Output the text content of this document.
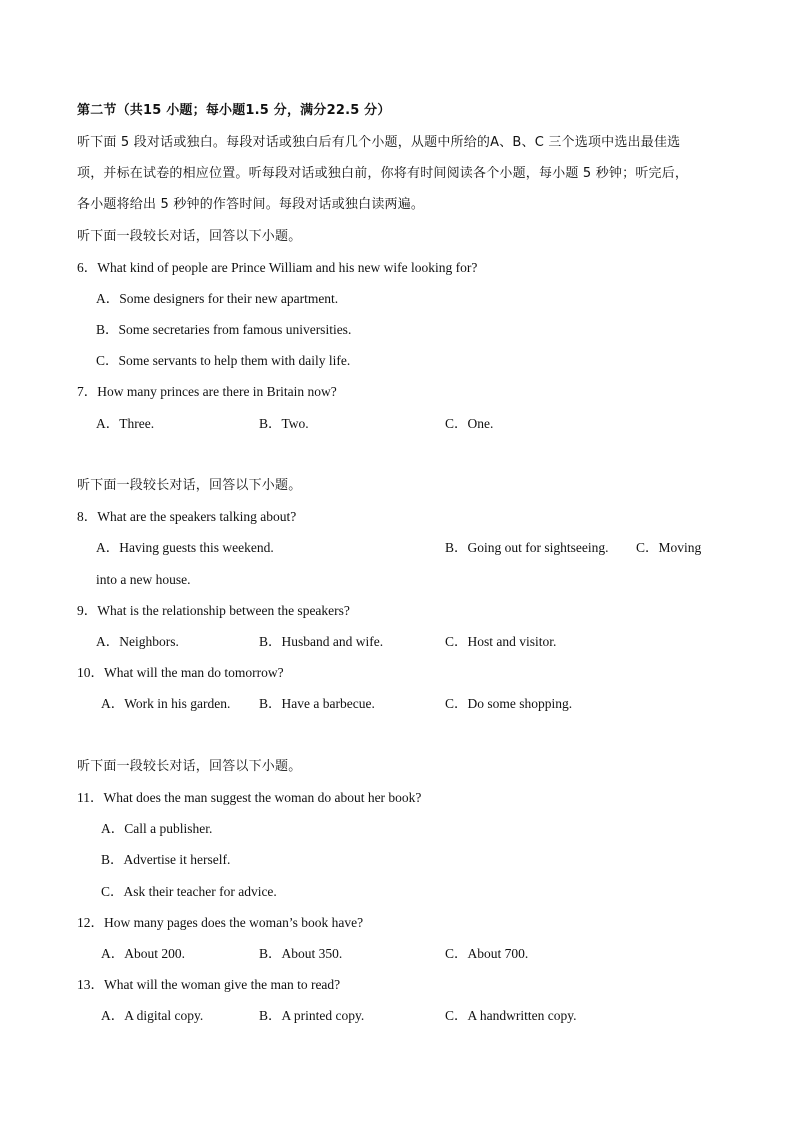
第二节（共15 小题；每小题1.5 分，满分22.5 分）
听下面 5 段对话或独白。每段对话或独白后有几个小题，从题中所给的A、B、C 三个选项中选出最佳选
项，并标在试卷的相应位置。听每段对话或独白前，你将有时间阅读各个小题，每小题 5 秒钟；听完后，
各小题将给出 5 秒钟的作答时间。每段对话或独白读两遍。
听下面一段较长对话，回答以下小题。
6．What kind of people are Prince William and his new wife looking for?
A．Some designers for their new apartment.
B．Some secretaries from famous universities.
C．Some servants to help them with daily life.
7．How many princes are there in Britain now?
A．Three.	B．Two.	C．One.
听下面一段较长对话，回答以下小题。
8．What are the speakers talking about?
A．Having guests this weekend.	B．Going out for sightseeing. C．Moving
into a new house.
9．What is the relationship between the speakers?
A．Neighbors.	B．Husband and wife.	C．Host and visitor.
10．What will the man do tomorrow?
A．Work in his garden. B．Have a barbecue.	C．Do some shopping.
听下面一段较长对话，回答以下小题。
11．What does the man suggest the woman do about her book?
A．Call a publisher.
B．Advertise it herself.
C．Ask their teacher for advice.
12．How many pages does the woman’s book have?
A．About 200.	B．About 350.	C．About 700.
13．What will the woman give the man to read?
A．A digital copy.	B．A printed copy.	C．A handwritten copy.
